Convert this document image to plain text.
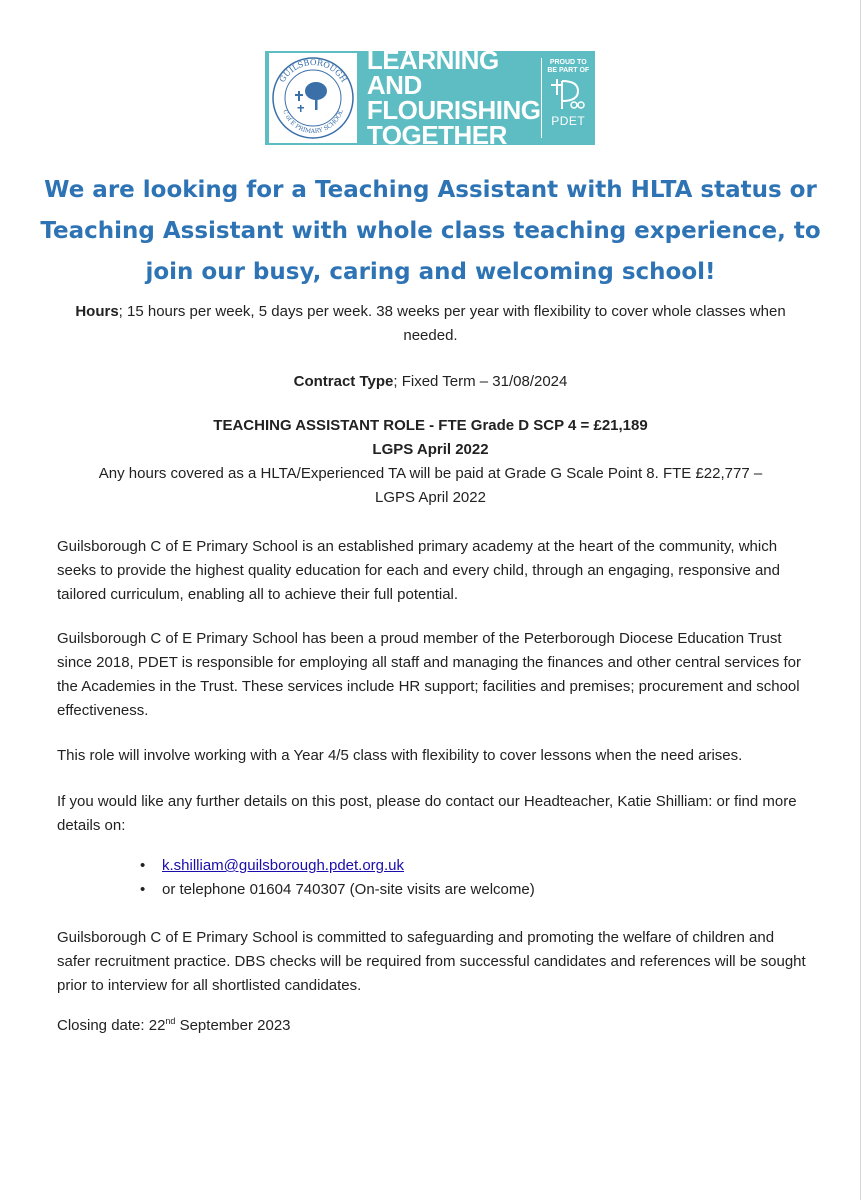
GUILSBOROUGH
C of E PRIMARY SCHOOL
LEARNING AND
FLOURISHING
TOGETHER
PROUD TO
BE PART OF
PDET
We are looking for a Teaching Assistant with HLTA status or
Teaching Assistant with whole class teaching experience, to
join our busy, caring and welcoming school!
Hours; 15 hours per week, 5 days per week. 38 weeks per year with flexibility to cover whole classes when
needed.
Contract Type; Fixed Term – 31/08/2024
TEACHING ASSISTANT ROLE - FTE Grade D SCP 4 = £21,189
LGPS April 2022
Any hours covered as a HLTA/Experienced TA will be paid at Grade G Scale Point 8. FTE £22,777 –
LGPS April 2022
Guilsborough C of E Primary School is an established primary academy at the heart of the community, which seeks to provide the highest quality education for each and every child, through an engaging, responsive and tailored curriculum, enabling all to achieve their full potential.
Guilsborough C of E Primary School has been a proud member of the Peterborough Diocese Education Trust since 2018, PDET is responsible for employing all staff and managing the finances and other central services for the Academies in the Trust. These services include HR support; facilities and premises; procurement and school effectiveness.
This role will involve working with a Year 4/5 class with flexibility to cover lessons when the need arises.
If you would like any further details on this post, please do contact our Headteacher, Katie Shilliam: or find more details on:
•	k.shilliam@guilsborough.pdet.org.uk
•	or telephone 01604 740307 (On-site visits are welcome)
Guilsborough C of E Primary School is committed to safeguarding and promoting the welfare of children and safer recruitment practice. DBS checks will be required from successful candidates and references will be sought prior to interview for all shortlisted candidates.
Closing date: 22nd September 2023
